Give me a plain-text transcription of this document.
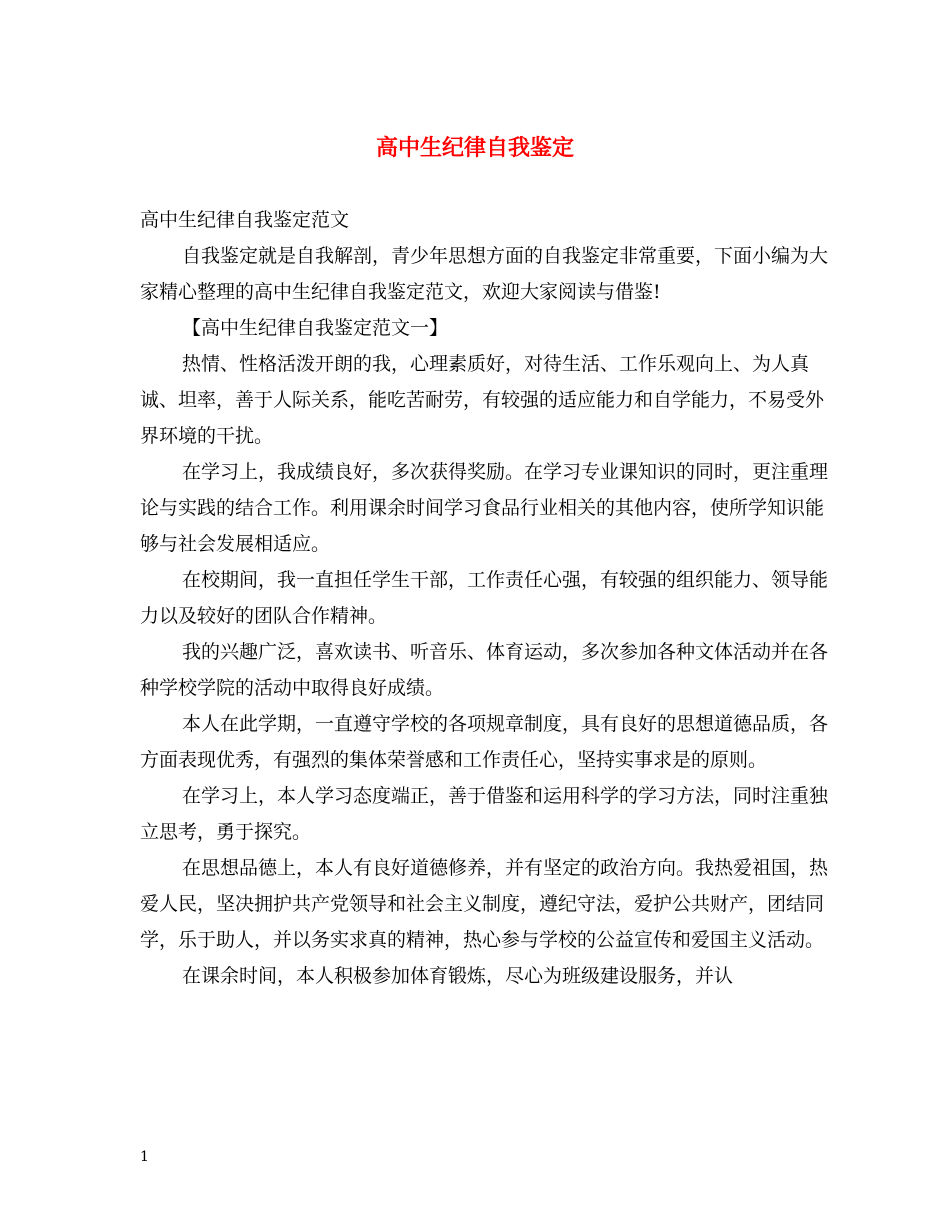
高中生纪律自我鉴定

高中生纪律自我鉴定范文

自我鉴定就是自我解剖，青少年思想方面的自我鉴定非常重要，下面小编为大家精心整理的高中生纪律自我鉴定范文，欢迎大家阅读与借鉴!

【高中生纪律自我鉴定范文一】

热情、性格活泼开朗的我，心理素质好，对待生活、工作乐观向上、为人真诚、坦率，善于人际关系，能吃苦耐劳，有较强的适应能力和自学能力，不易受外界环境的干扰。

在学习上，我成绩良好，多次获得奖励。在学习专业课知识的同时，更注重理论与实践的结合工作。利用课余时间学习食品行业相关的其他内容，使所学知识能够与社会发展相适应。

在校期间，我一直担任学生干部，工作责任心强，有较强的组织能力、领导能力以及较好的团队合作精神。

我的兴趣广泛，喜欢读书、听音乐、体育运动，多次参加各种文体活动并在各种学校学院的活动中取得良好成绩。

本人在此学期，一直遵守学校的各项规章制度，具有良好的思想道德品质，各方面表现优秀，有强烈的集体荣誉感和工作责任心，坚持实事求是的原则。

在学习上，本人学习态度端正，善于借鉴和运用科学的学习方法，同时注重独立思考，勇于探究。

在思想品德上，本人有良好道德修养，并有坚定的政治方向。我热爱祖国，热爱人民，坚决拥护共产党领导和社会主义制度，遵纪守法，爱护公共财产，团结同学，乐于助人，并以务实求真的精神，热心参与学校的公益宣传和爱国主义活动。

在课余时间，本人积极参加体育锻炼，尽心为班级建设服务，并认

1
